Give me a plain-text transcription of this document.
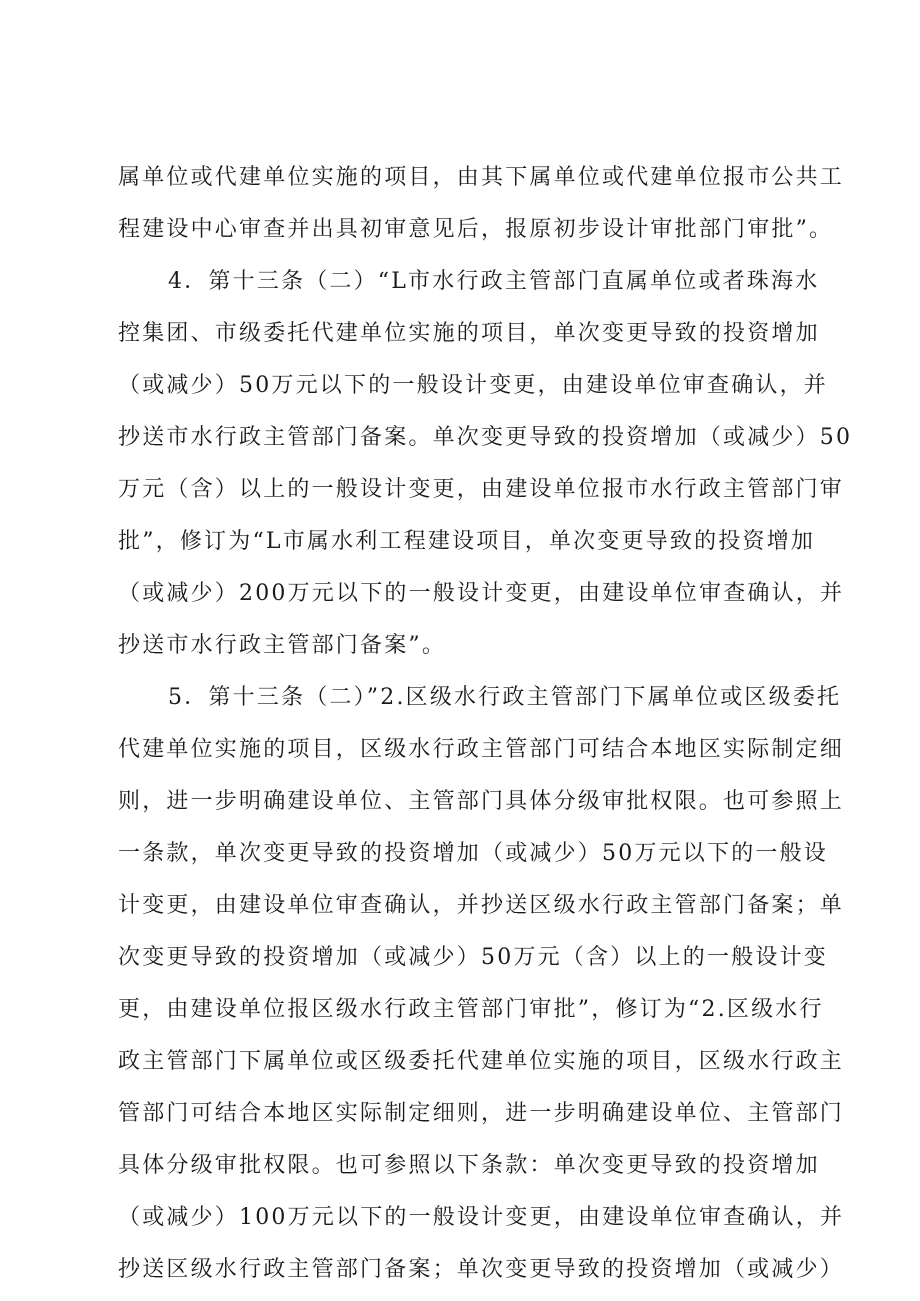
属单位或代建单位实施的项目，由其下属单位或代建单位报市公共工
程建设中心审查并出具初审意见后，报原初步设计审批部门审批”。
4．第十三条（二）“L市水行政主管部门直属单位或者珠海水
控集团、市级委托代建单位实施的项目，单次变更导致的投资增加
（或减少）50万元以下的一般设计变更，由建设单位审查确认，并
抄送市水行政主管部门备案。单次变更导致的投资增加（或减少）50
万元（含）以上的一般设计变更，由建设单位报市水行政主管部门审
批”，修订为“L市属水利工程建设项目，单次变更导致的投资增加
（或减少）200万元以下的一般设计变更，由建设单位审查确认，并
抄送市水行政主管部门备案”。
5．第十三条（二）”2.区级水行政主管部门下属单位或区级委托
代建单位实施的项目，区级水行政主管部门可结合本地区实际制定细
则，进一步明确建设单位、主管部门具体分级审批权限。也可参照上
一条款，单次变更导致的投资增加（或减少）50万元以下的一般设
计变更，由建设单位审查确认，并抄送区级水行政主管部门备案；单
次变更导致的投资增加（或减少）50万元（含）以上的一般设计变
更，由建设单位报区级水行政主管部门审批”，修订为“2.区级水行
政主管部门下属单位或区级委托代建单位实施的项目，区级水行政主
管部门可结合本地区实际制定细则，进一步明确建设单位、主管部门
具体分级审批权限。也可参照以下条款：单次变更导致的投资增加
（或减少）100万元以下的一般设计变更，由建设单位审查确认，并
抄送区级水行政主管部门备案；单次变更导致的投资增加（或减少）
